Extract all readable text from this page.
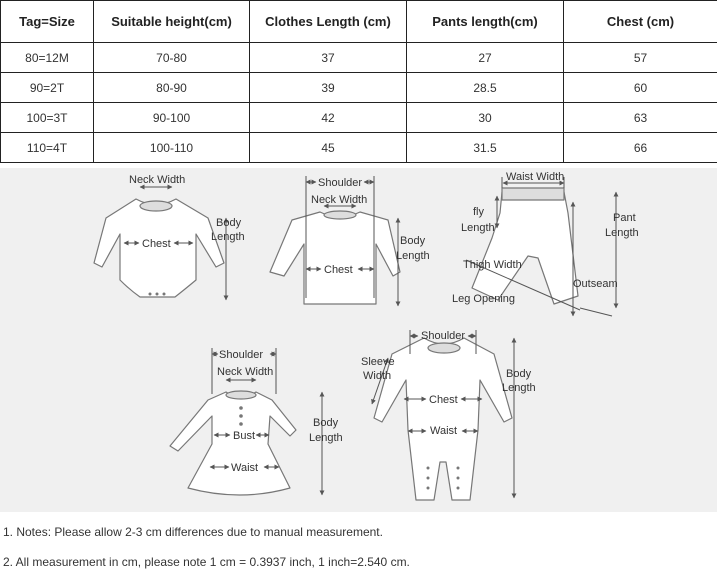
Tag=Size	Suitable height(cm)	Clothes Length (cm)	Pants length(cm)	Chest (cm)
80=12M	70-80	37	27	57
90=2T	80-90	39	28.5	60
100=3T	90-100	42	30	63
110=4T	100-110	45	31.5	66
Neck Width
Chest
Body
Length
Shoulder
Neck Width
Chest
Body
Length
Waist Width
fly
Length
Pant
Length
Thigh Width
Outseam
Leg Opening
Shoulder
Neck Width
Bust
Waist
Body
Length
Shoulder
Sleeve
Width
Chest
Waist
Body
Length
1. Notes: Please allow 2-3 cm differences due to manual measurement.
2. All measurement in cm, please note 1 cm = 0.3937 inch, 1 inch=2.540 cm.
